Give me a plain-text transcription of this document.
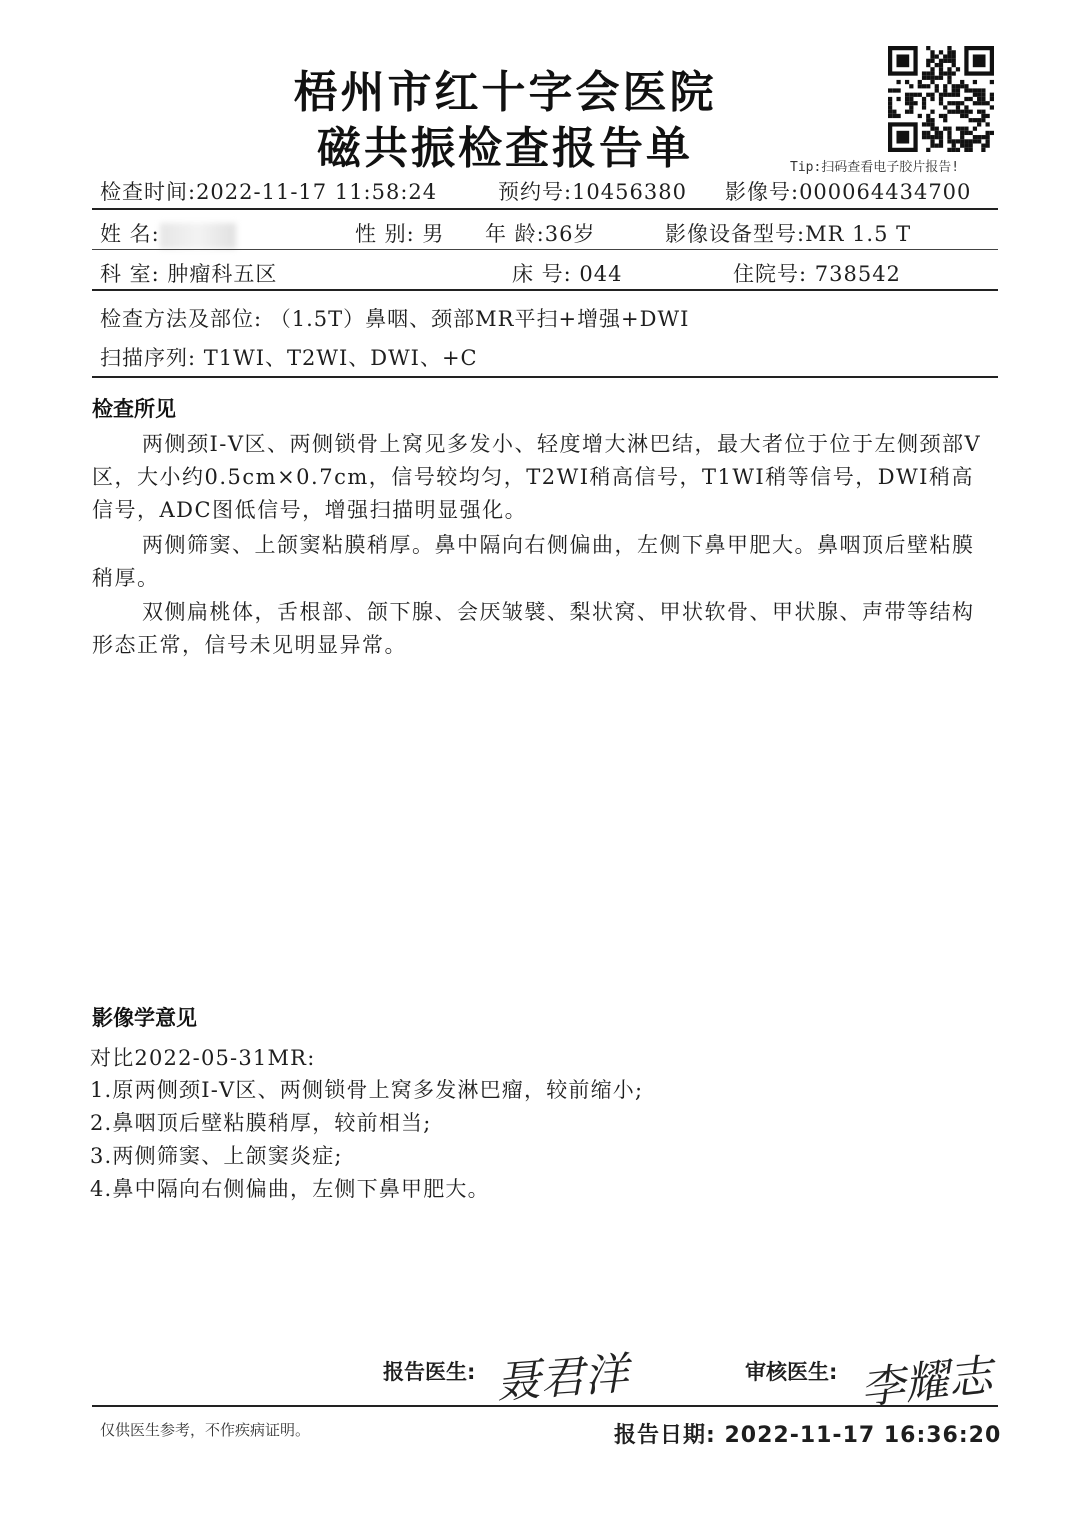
梧州市红十字会医院
磁共振检查报告单	Tip:扫码查看电子胶片报告!
检查时间:2022-11-17 11:58:24	预约号:10456380 影像号:000064434700
姓 名:	性 别: 男 年 龄:36岁	影像设备型号:MR 1.5 T
科 室: 肿瘤科五区	床 号: 044	住院号: 738542
检查方法及部位: （1.5T）鼻咽、颈部MR平扫+增强+DWI
扫描序列: T1WI、T2WI、DWI、+C
检查所见

两侧颈Ⅰ-Ⅴ区、两侧锁骨上窝见多发小、轻度增大淋巴结，最大者位于位于左侧颈部Ⅴ区，大小约0.5cm×0.7cm，信号较均匀，T2WI稍高信号，T1WI稍等信号，DWI稍高信号，ADC图低信号，增强扫描明显强化。

两侧筛窦、上颌窦粘膜稍厚。鼻中隔向右侧偏曲，左侧下鼻甲肥大。鼻咽顶后壁粘膜稍厚。

双侧扁桃体，舌根部、颌下腺、会厌皱襞、梨状窝、甲状软骨、甲状腺、声带等结构形态正常，信号未见明显异常。

影像学意见
对比2022-05-31MR:
1.原两侧颈Ⅰ-Ⅴ区、两侧锁骨上窝多发淋巴瘤，较前缩小;
2.鼻咽顶后壁粘膜稍厚，较前相当;
3.两侧筛窦、上颌窦炎症;
4.鼻中隔向右侧偏曲，左侧下鼻甲肥大。
报告医生: 聂君洋	审核医生: 李耀志
仅供医生参考，不作疾病证明。	报告日期: 2022-11-17 16:36:20
